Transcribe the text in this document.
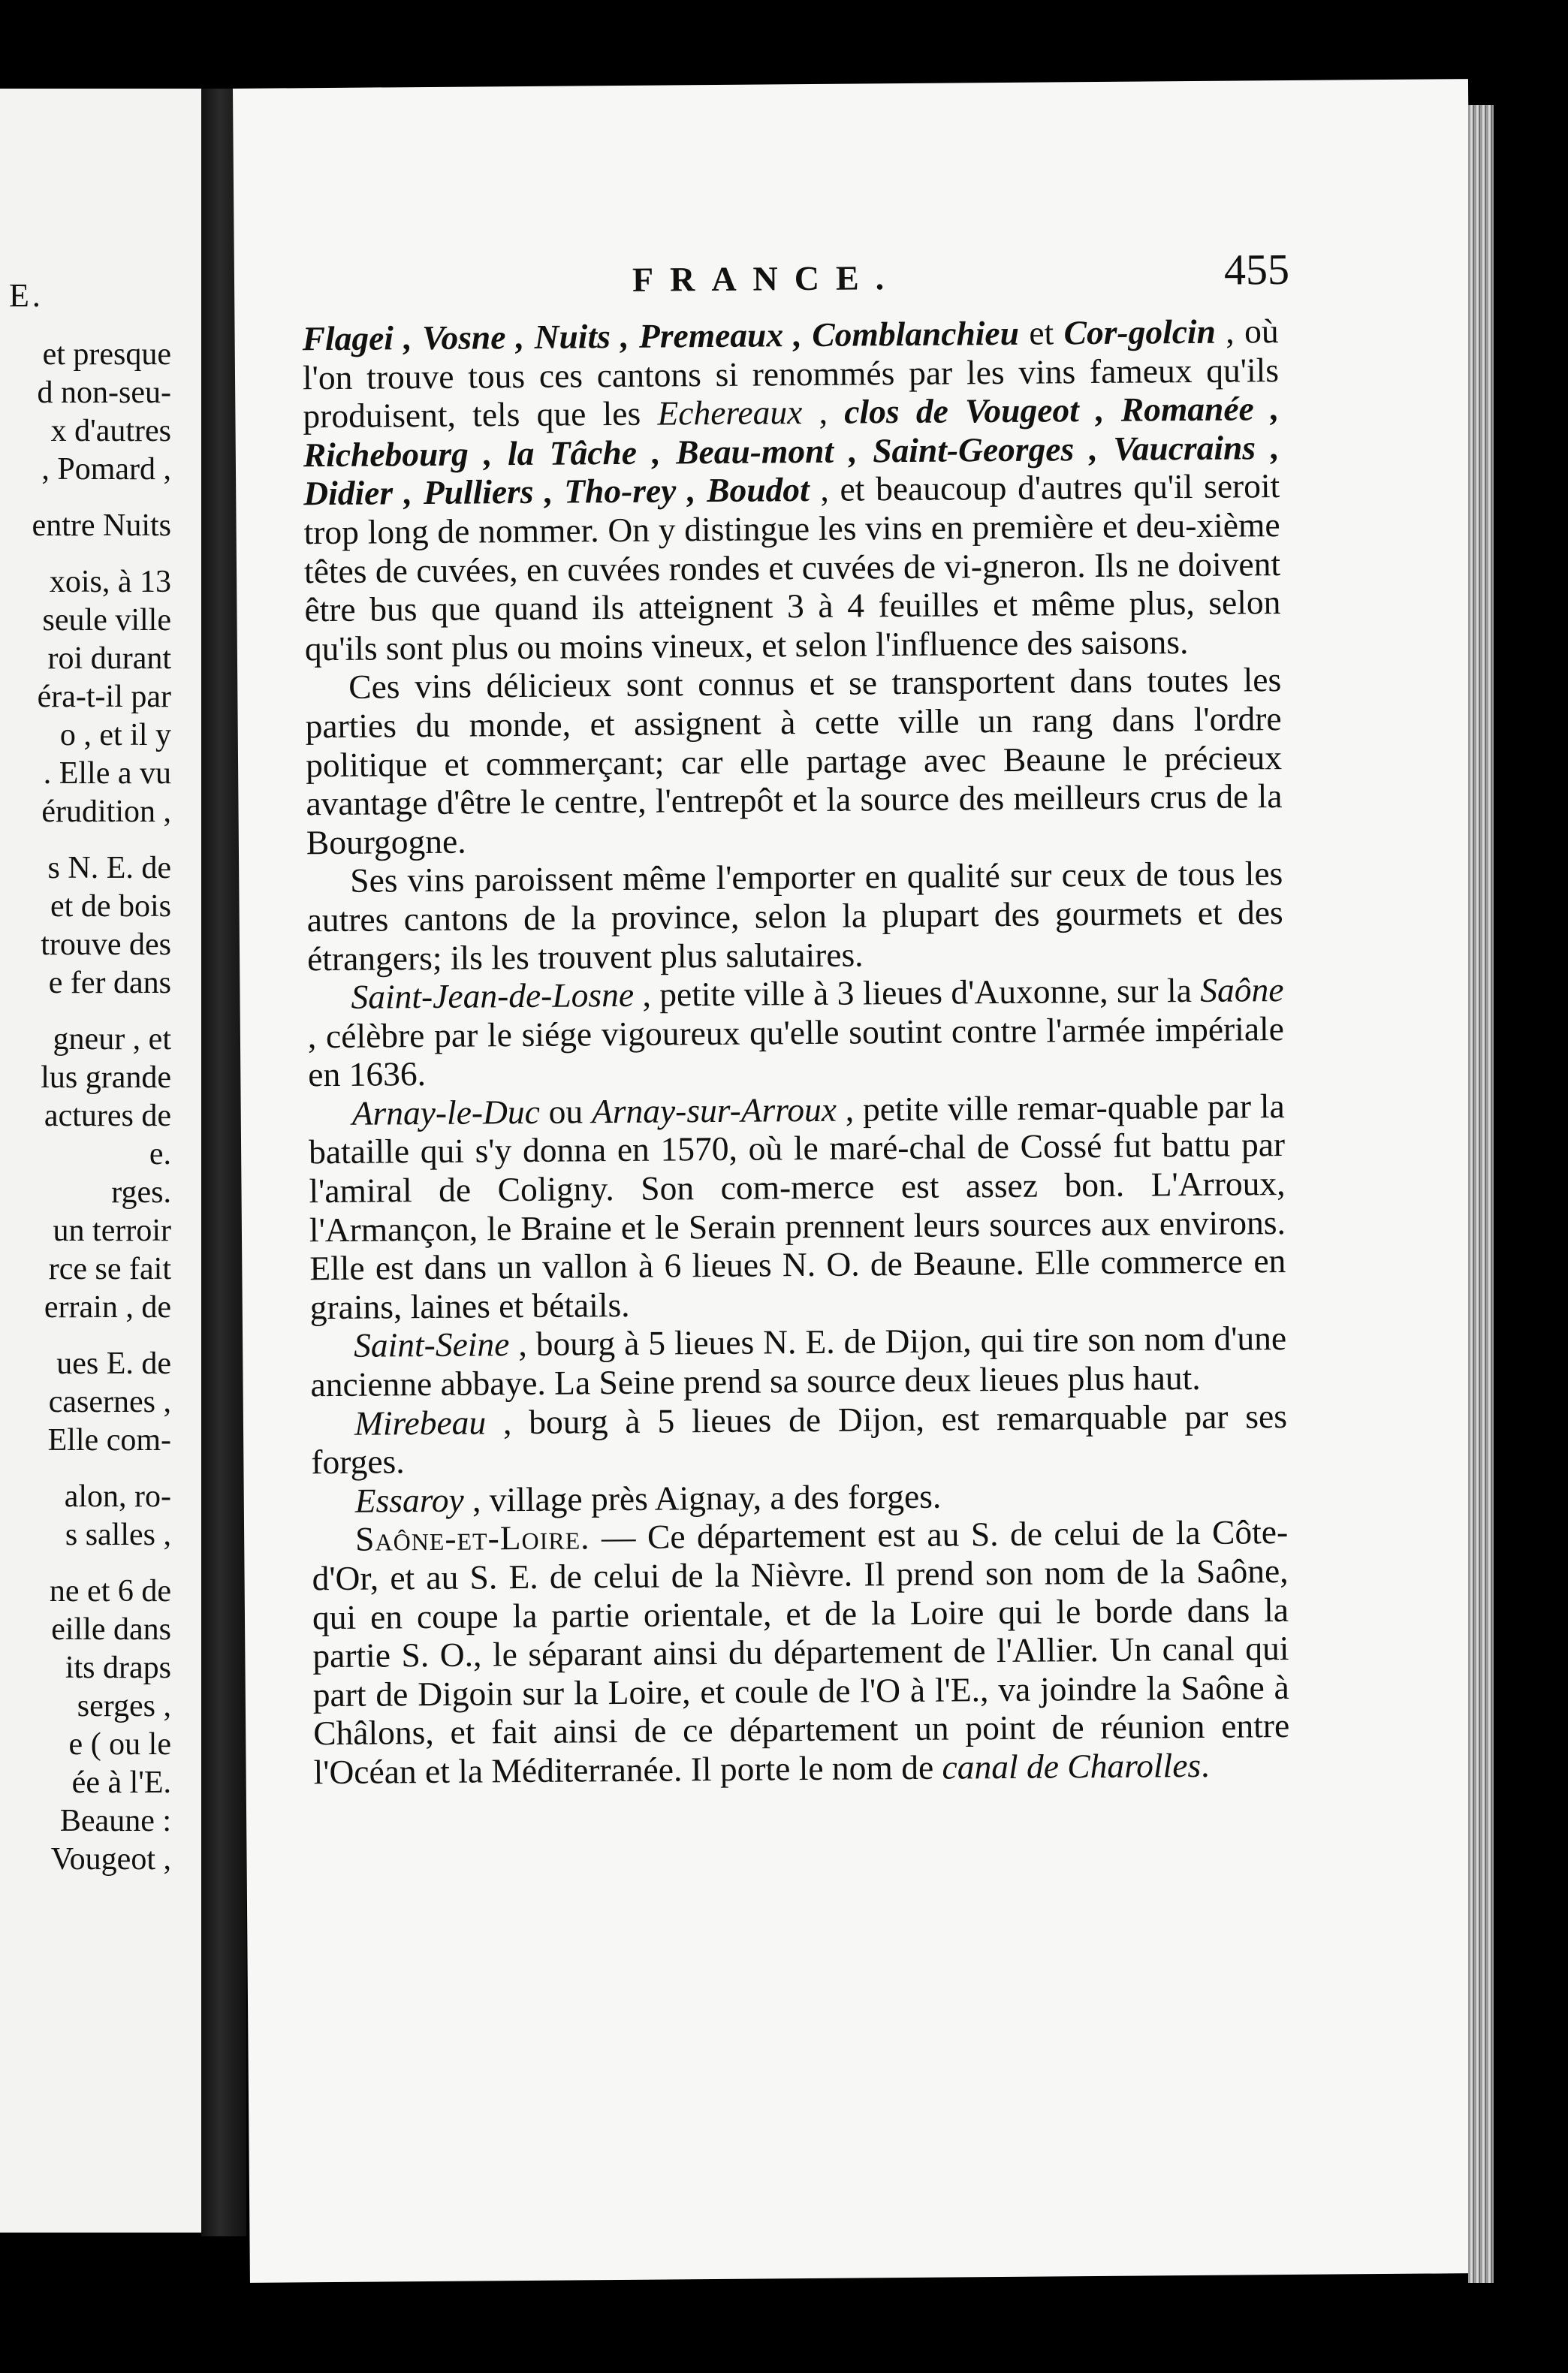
E.
et presque
d non-seu-
x d'autres
, Pomard ,
entre Nuits
xois, à 13
seule ville
roi durant
éra-t-il par
o , et il y
. Elle a vu
érudition ,
s N. E. de
et de bois
trouve des
e fer dans
gneur , et
lus grande
actures de
e.
rges.
un terroir
rce se fait
errain , de
ues E. de
casernes ,
Elle com-
alon, ro-
s salles ,
ne et 6 de
eille dans
its draps
serges ,
e ( ou le
ée à l'E.
Beaune :
Vougeot ,
FRANCE.	455

Flagei , Vosne , Nuits , Premeaux , Comblanchieu et Cor-golcin , où l'on trouve tous ces cantons si renommés par les vins fameux qu'ils produisent, tels que les Echereaux , clos de Vougeot , Romanée , Richebourg , la Tâche , Beau-mont , Saint-Georges , Vaucrains , Didier , Pulliers , Tho-rey , Boudot , et beaucoup d'autres qu'il seroit trop long de nommer. On y distingue les vins en première et deu-xième têtes de cuvées, en cuvées rondes et cuvées de vi-gneron. Ils ne doivent être bus que quand ils atteignent 3 à 4 feuilles et même plus, selon qu'ils sont plus ou moins vineux, et selon l'influence des saisons.

Ces vins délicieux sont connus et se transportent dans toutes les parties du monde, et assignent à cette ville un rang dans l'ordre politique et commerçant; car elle partage avec Beaune le précieux avantage d'être le centre, l'entrepôt et la source des meilleurs crus de la Bourgogne.

Ses vins paroissent même l'emporter en qualité sur ceux de tous les autres cantons de la province, selon la plupart des gourmets et des étrangers; ils les trouvent plus salutaires.

Saint-Jean-de-Losne , petite ville à 3 lieues d'Auxonne, sur la Saône , célèbre par le siége vigoureux qu'elle soutint contre l'armée impériale en 1636.

Arnay-le-Duc ou Arnay-sur-Arroux , petite ville remar-quable par la bataille qui s'y donna en 1570, où le maré-chal de Cossé fut battu par l'amiral de Coligny. Son com-merce est assez bon. L'Arroux, l'Armançon, le Braine et le Serain prennent leurs sources aux environs. Elle est dans un vallon à 6 lieues N. O. de Beaune. Elle commerce en grains, laines et bétails.

Saint-Seine , bourg à 5 lieues N. E. de Dijon, qui tire son nom d'une ancienne abbaye. La Seine prend sa source deux lieues plus haut.

Mirebeau , bourg à 5 lieues de Dijon, est remarquable par ses forges.

Essaroy , village près Aignay, a des forges.

Saône-et-Loire. — Ce département est au S. de celui de la Côte-d'Or, et au S. E. de celui de la Nièvre. Il prend son nom de la Saône, qui en coupe la partie orientale, et de la Loire qui le borde dans la partie S. O., le séparant ainsi du département de l'Allier. Un canal qui part de Digoin sur la Loire, et coule de l'O à l'E., va joindre la Saône à Châlons, et fait ainsi de ce département un point de réunion entre l'Océan et la Méditerranée. Il porte le nom de canal de Charolles.
